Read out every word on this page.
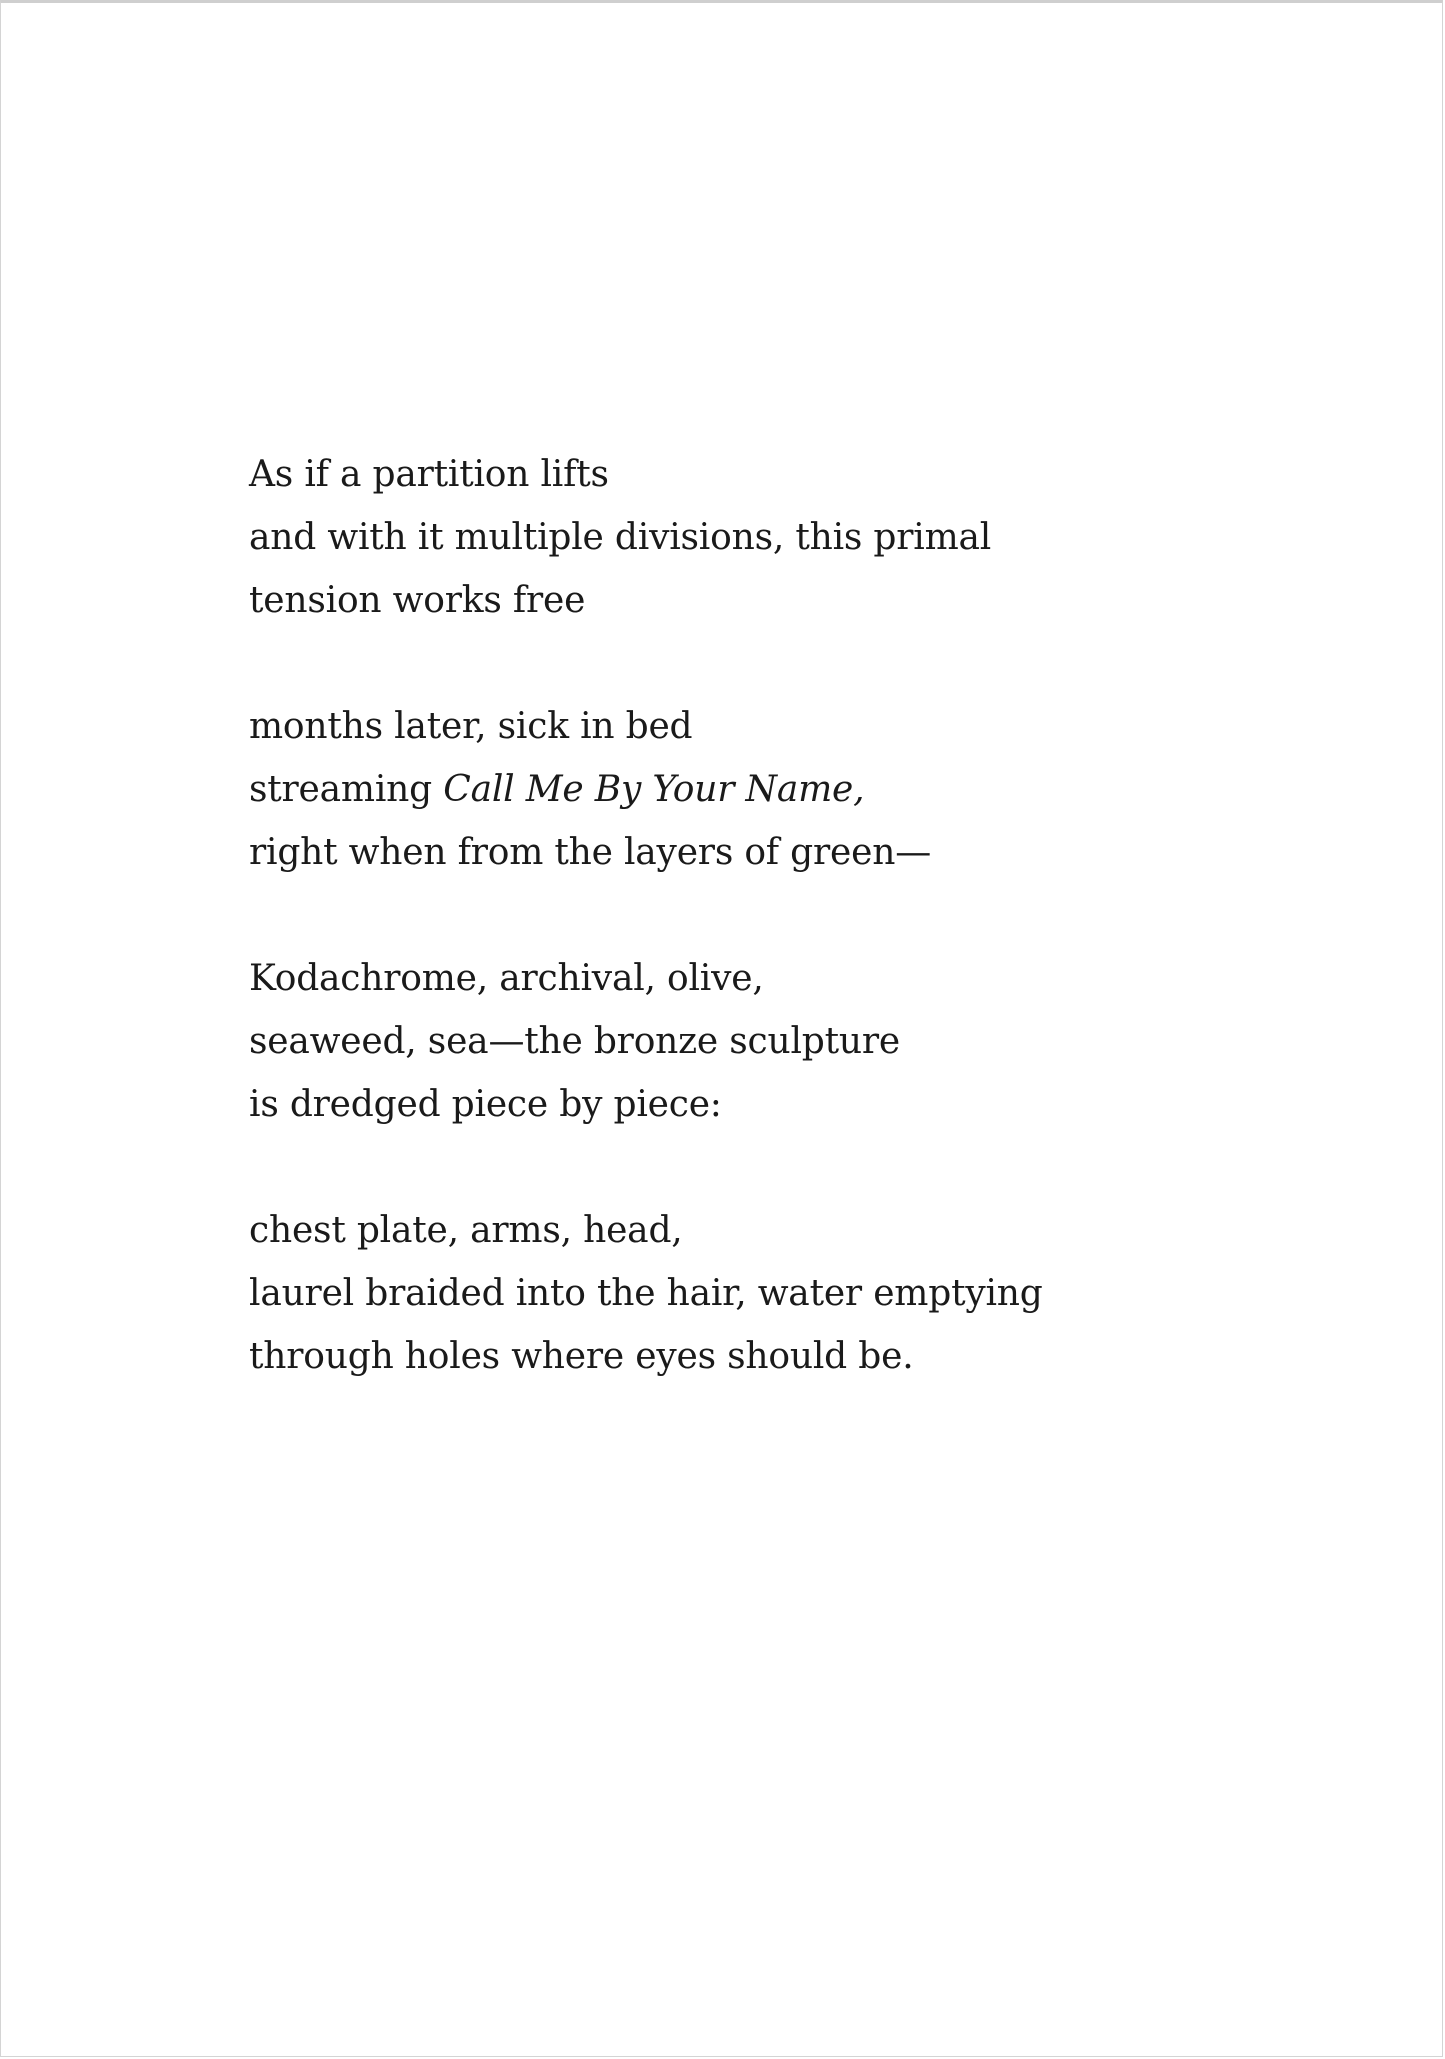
As if a partition lifts
and with it multiple divisions, this primal
tension works free
months later, sick in bed
streaming Call Me By Your Name,
right when from the layers of green—
Kodachrome, archival, olive,
seaweed, sea—the bronze sculpture
is dredged piece by piece:
chest plate, arms, head,
laurel braided into the hair, water emptying
through holes where eyes should be.
